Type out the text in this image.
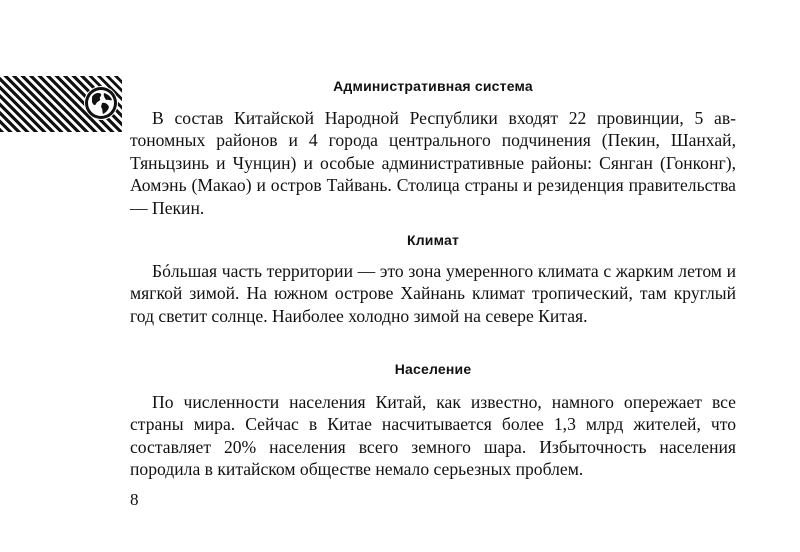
Административная система

В состав Китайской Народной Республики входят 22 провинции, 5 автономных районов и 4 города центрального подчинения (Пекин, Шанхай, Тяньцзинь и Чунцин) и особые административные районы: Сянган (Гонконг), Аомэнь (Макао) и остров Тайвань. Столица страны и резиденция правительства — Пекин.

Климат

Бóльшая часть территории — это зона умеренного климата с жарким летом и мягкой зимой. На южном острове Хайнань климат тропический, там круглый год светит солнце. Наиболее холодно зимой на севере Китая.

Население

По численности населения Китай, как известно, намного опережает все страны мира. Сейчас в Китае насчитывается более 1,3 млрд жителей, что составляет 20% населения всего земного шара. Избыточность населения породила в китайском обществе немало серьезных проблем.

8
